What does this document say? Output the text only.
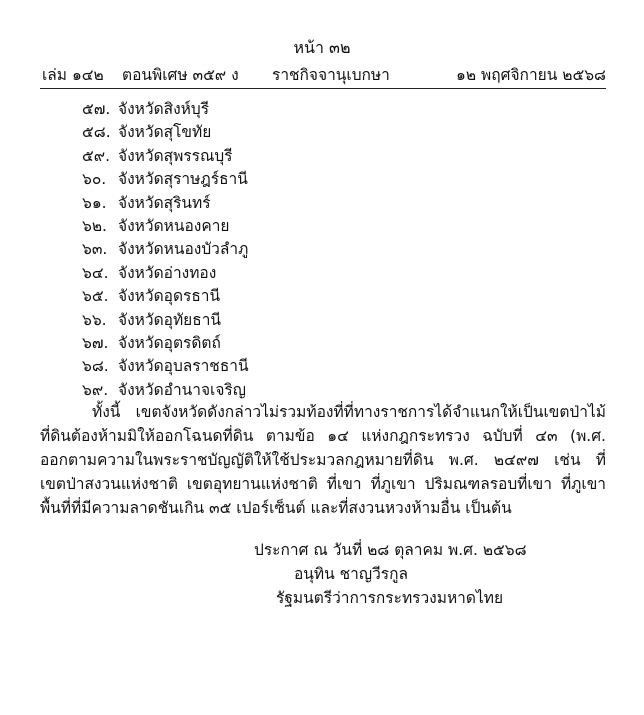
หน้า ๓๒
เล่ม ๑๔๒ ตอนพิเศษ ๓๕๙ ง ราชกิจจานุเบกษา	๑๒ พฤศจิกายน ๒๕๖๘
๕๗. จังหวัดสิงห์บุรี
๕๘. จังหวัดสุโขทัย
๕๙. จังหวัดสุพรรณบุรี
๖๐. จังหวัดสุราษฎร์ธานี
๖๑. จังหวัดสุรินทร์
๖๒. จังหวัดหนองคาย
๖๓. จังหวัดหนองบัวลำภู
๖๔. จังหวัดอ่างทอง
๖๕. จังหวัดอุดรธานี
๖๖. จังหวัดอุทัยธานี
๖๗. จังหวัดอุตรดิตถ์
๖๘. จังหวัดอุบลราชธานี
๖๙. จังหวัดอำนาจเจริญ
ทั้งนี้ เขตจังหวัดดังกล่าวไม่รวมท้องที่ที่ทางราชการได้จำแนกให้เป็นเขตป่าไม้
ที่ดินต้องห้ามมิให้ออกโฉนดที่ดิน ตามข้อ ๑๔ แห่งกฎกระทรวง ฉบับที่ ๔๓ (พ.ศ.
ออกตามความในพระราชบัญญัติให้ใช้ประมวลกฎหมายที่ดิน พ.ศ. ๒๔๙๗ เช่น ที่
เขตป่าสงวนแห่งชาติ เขตอุทยานแห่งชาติ ที่เขา ที่ภูเขา ปริมณฑลรอบที่เขา ที่ภูเขา
พื้นที่ที่มีความลาดชันเกิน ๓๕ เปอร์เซ็นต์ และที่สงวนหวงห้ามอื่น เป็นต้น
ประกาศ ณ วันที่ ๒๘ ตุลาคม พ.ศ. ๒๕๖๘
อนุทิน ชาญวีรกูล
รัฐมนตรีว่าการกระทรวงมหาดไทย
